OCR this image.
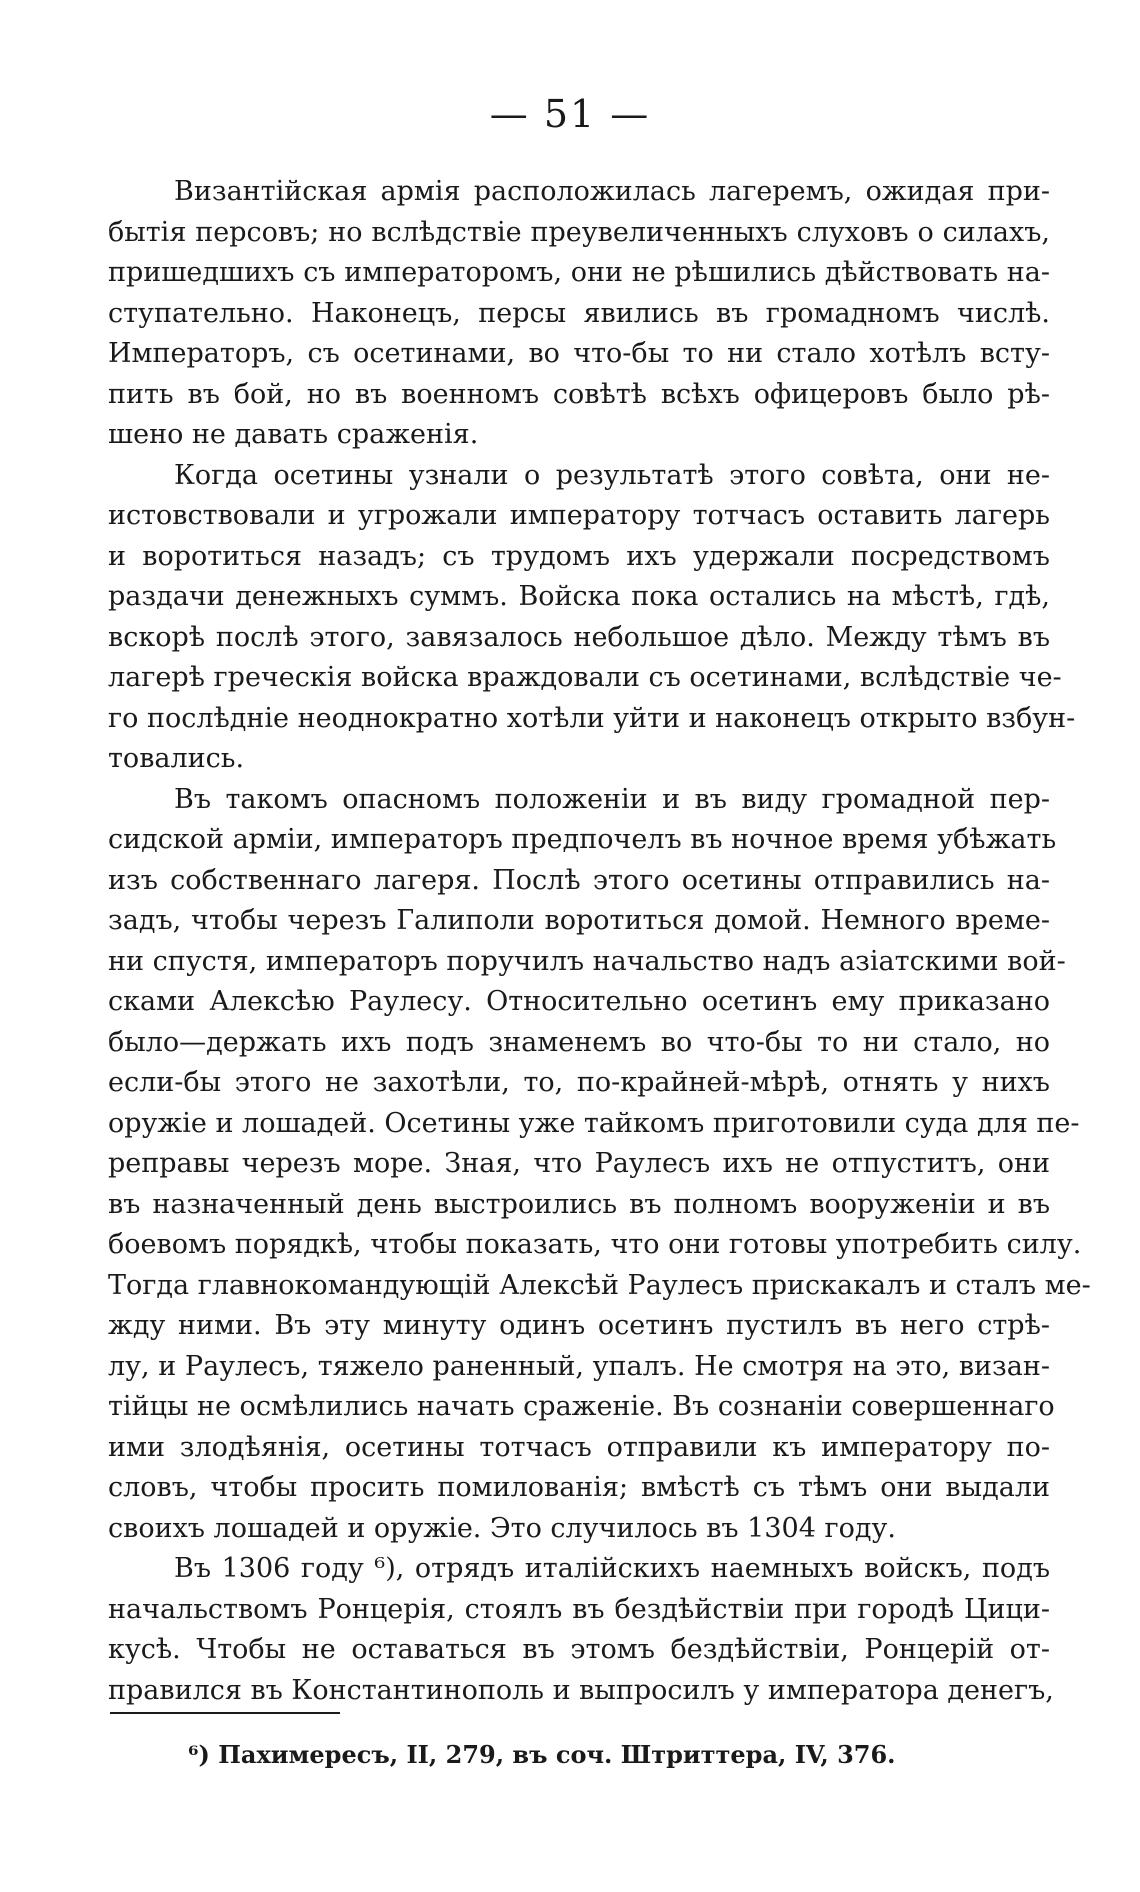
— 51 —
Византійская армія расположилась лагеремъ, ожидая при-
бытія персовъ; но вслѣдствіе преувеличенныхъ слуховъ о силахъ,
пришедшихъ съ императоромъ, они не рѣшились дѣйствовать на-
ступательно. Наконецъ, персы явились въ громадномъ числѣ.
Императоръ, съ осетинами, во что-бы то ни стало хотѣлъ всту-
пить въ бой, но въ военномъ совѣтѣ всѣхъ офицеровъ было рѣ-
шено не давать сраженія.
Когда осетины узнали о результатѣ этого совѣта, они не-
истовствовали и угрожали императору тотчасъ оставить лагерь
и воротиться назадъ; съ трудомъ ихъ удержали посредствомъ
раздачи денежныхъ суммъ. Войска пока остались на мѣстѣ, гдѣ,
вскорѣ послѣ этого, завязалось небольшое дѣло. Между тѣмъ въ
лагерѣ греческія войска враждовали съ осетинами, вслѣдствіе че-
го послѣдніе неоднократно хотѣли уйти и наконецъ открыто взбун-
товались.
Въ такомъ опасномъ положеніи и въ виду громадной пер-
сидской арміи, императоръ предпочелъ въ ночное время убѣжать
изъ собственнаго лагеря. Послѣ этого осетины отправились на-
задъ, чтобы черезъ Галиполи воротиться домой. Немного време-
ни спустя, императоръ поручилъ начальство надъ азіатскими вой-
сками Алексѣю Раулесу. Относительно осетинъ ему приказано
было—держать ихъ подъ знаменемъ во что-бы то ни стало, но
если-бы этого не захотѣли, то, по-крайней-мѣрѣ, отнять у нихъ
оружіе и лошадей. Осетины уже тайкомъ приготовили суда для пе-
реправы черезъ море. Зная, что Раулесъ ихъ не отпуститъ, они
въ назначенный день выстроились въ полномъ вооруженіи и въ
боевомъ порядкѣ, чтобы показать, что они готовы употребить силу.
Тогда главнокомандующій Алексѣй Раулесъ прискакалъ и сталъ ме-
жду ними. Въ эту минуту одинъ осетинъ пустилъ въ него стрѣ-
лу, и Раулесъ, тяжело раненный, упалъ. Не смотря на это, визан-
тійцы не осмѣлились начать сраженіе. Въ сознаніи совершеннаго
ими злодѣянія, осетины тотчасъ отправили къ императору по-
словъ, чтобы просить помилованія; вмѣстѣ съ тѣмъ они выдали
своихъ лошадей и оружіе. Это случилось въ 1304 году.
Въ 1306 году ⁶), отрядъ италійскихъ наемныхъ войскъ, подъ
начальствомъ Ронцерія, стоялъ въ бездѣйствіи при городѣ Цици-
кусѣ. Чтобы не оставаться въ этомъ бездѣйствіи, Ронцерій от-
правился въ Константинополь и выпросилъ у императора денегъ,
⁶) Пахимересъ, II, 279, въ соч. Штриттера, IV, 376.
